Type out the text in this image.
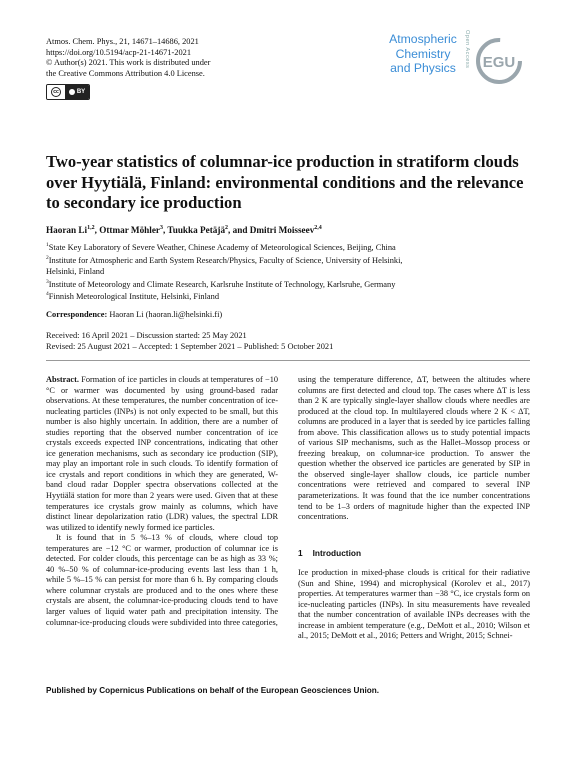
Atmos. Chem. Phys., 21, 14671–14686, 2021
https://doi.org/10.5194/acp-21-14671-2021
© Author(s) 2021. This work is distributed under
the Creative Commons Attribution 4.0 License.
cc	BY
Atmospheric
Chemistry
and Physics	Open Access EGU
Two-year statistics of columnar-ice production in stratiform clouds over Hyytiälä, Finland: environmental conditions and the relevance to secondary ice production
Haoran Li$^{1,2}$, Ottmar Möhler$^3$, Tuukka Petäjä$^2$, and Dmitri Moisseev$^{2,4}$
$^1$State Key Laboratory of Severe Weather, Chinese Academy of Meteorological Sciences, Beijing, China
$^2$Institute for Atmospheric and Earth System Research/Physics, Faculty of Science, University of Helsinki,
Helsinki, Finland
$^3$Institute of Meteorology and Climate Research, Karlsruhe Institute of Technology, Karlsruhe, Germany
$^4$Finnish Meteorological Institute, Helsinki, Finland
Correspondence: Haoran Li (haoran.li@helsinki.fi)
Received: 16 April 2021 – Discussion started: 25 May 2021
Revised: 25 August 2021 – Accepted: 1 September 2021 – Published: 5 October 2021

Abstract. Formation of ice particles in clouds at temperatures of −10 °C or warmer was documented by using ground-based radar observations. At these temperatures, the number concentration of ice-nucleating particles (INPs) is not only expected to be small, but this number is also highly uncertain. In addition, there are a number of studies reporting that the observed number concentration of ice crystals exceeds expected INP concentrations, indicating that other ice generation mechanisms, such as secondary ice production (SIP), may play an important role in such clouds. To identify formation of ice crystals and report conditions in which they are generated, W-band cloud radar Doppler spectra observations collected at the Hyytiälä station for more than 2 years were used. Given that at these temperatures ice crystals grow mainly as columns, which have distinct linear depolarization ratio (LDR) values, the spectral LDR was utilized to identify newly formed ice particles.

It is found that in 5 %–13 % of clouds, where cloud top temperatures are −12 °C or warmer, production of columnar ice is detected. For colder clouds, this percentage can be as high as 33 %; 40 %–50 % of columnar-ice-producing events last less than 1 h, while 5 %–15 % can persist for more than 6 h. By comparing clouds where columnar crystals are produced and to the ones where these crystals are absent, the columnar-ice-producing clouds tend to have larger values of liquid water path and precipitation intensity. The columnar-ice-producing clouds were subdivided into three categories,

using the temperature difference, ΔT, between the altitudes where columns are first detected and cloud top. The cases where ΔT is less than 2 K are typically single-layer shallow clouds where needles are produced at the cloud top. In multilayered clouds where 2 K < ΔT, columns are produced in a layer that is seeded by ice particles falling from above. This classification allows us to study potential impacts of various SIP mechanisms, such as the Hallet–Mossop process or freezing breakup, on columnar-ice production. To answer the question whether the observed ice particles are generated by SIP in the observed single-layer shallow clouds, ice particle number concentrations were retrieved and compared to several INP parameterizations. It was found that the ice number concentrations tend to be 1–3 orders of magnitude higher than the expected INP concentrations.

1 Introduction

Ice production in mixed-phase clouds is critical for their radiative (Sun and Shine, 1994) and microphysical (Korolev et al., 2017) properties. At temperatures warmer than −38 °C, ice crystals form on ice-nucleating particles (INPs). In situ measurements have revealed that the number concentration of available INPs decreases with the increase in ambient temperature (e.g., DeMott et al., 2010; Wilson et al., 2015; DeMott et al., 2016; Petters and Wright, 2015; Schnei-

Published by Copernicus Publications on behalf of the European Geosciences Union.
